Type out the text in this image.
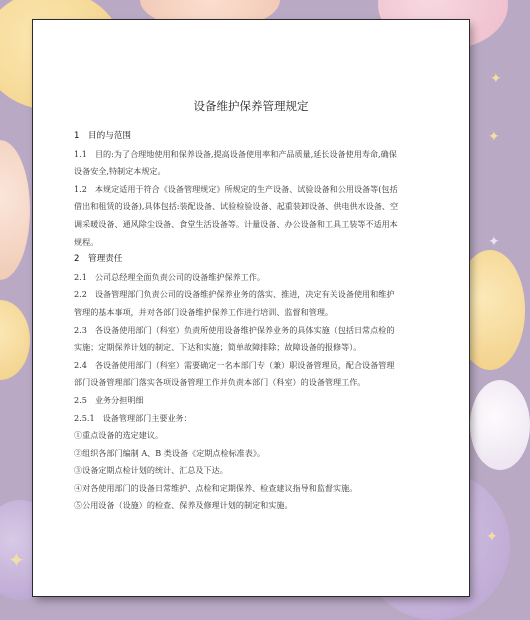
✦
✦
✦
✦
✦
设备维护保养管理规定

1　目的与范围

1.1　目的:为了合理地使用和保养设备,提高设备使用率和产品质量,延长设备使用寿命,确保设备安全,特制定本规定。

1.2　本规定适用于符合《设备管理规定》所规定的生产设备、试验设备和公用设备等(包括借出和租赁的设备),具体包括:装配设备、试验检验设备、起重装卸设备、供电供水设备、空调采暖设备、通风除尘设备、食堂生活设备等。计量设备、办公设备和工具工装等不适用本规程。

2　管理责任

2.1　公司总经理全面负责公司的设备维护保养工作。

2.2　设备管理部门负责公司的设备维护保养业务的落实、推进，决定有关设备使用和维护管理的基本事项，并对各部门设备维护保养工作进行培训、监督和管理。

2.3　各设备使用部门（科室）负责所使用设备维护保养业务的具体实施（包括日常点检的实施；定期保养计划的制定、下达和实施；简单故障排除；故障设备的报修等）。

2.4　各设备使用部门（科室）需要确定一名本部门专（兼）职设备管理员，配合设备管理部门设备管理部门落实各项设备管理工作并负责本部门（科室）的设备管理工作。

2.5　业务分担明细

2.5.1　设备管理部门主要业务：

①重点设备的选定建议。

②组织各部门编制 A、B 类设备《定期点检标准表》。

③设备定期点检计划的统计、汇总及下达。

④对各使用部门的设备日常维护、点检和定期保养、检查建议指导和监督实施。

⑤公用设备（设施）的检查、保养及修理计划的制定和实施。
